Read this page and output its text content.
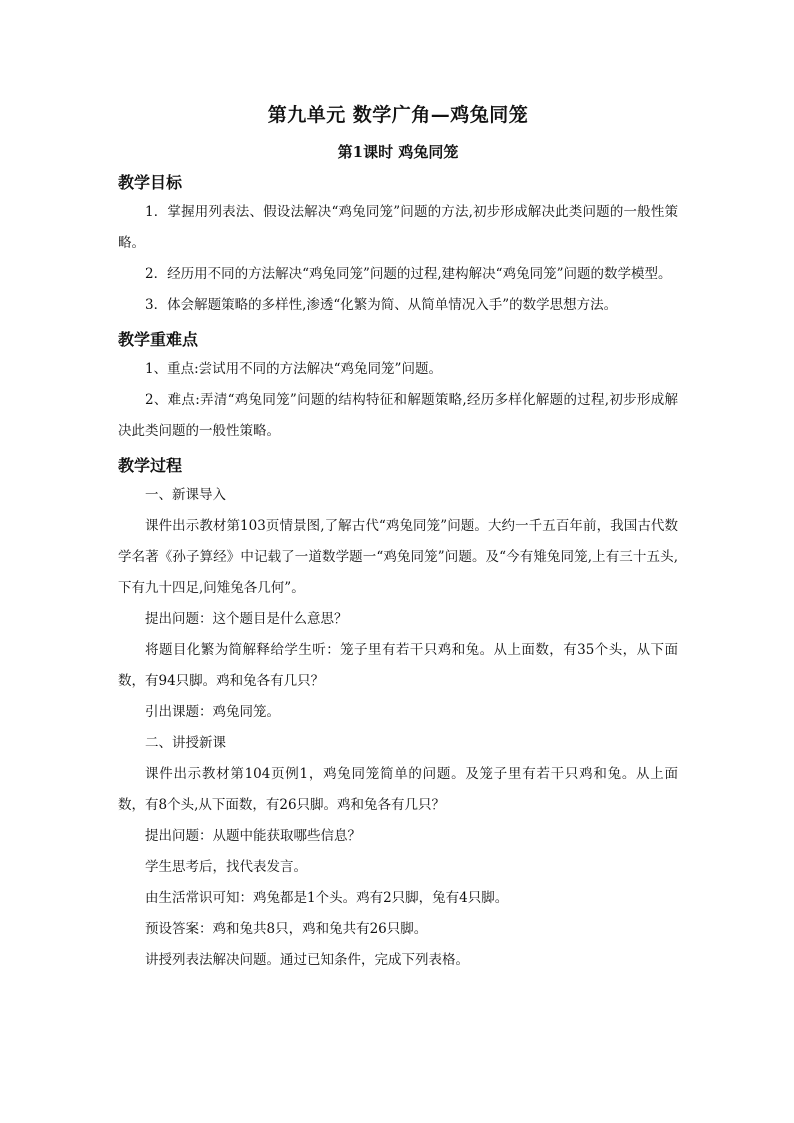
第九单元 数学广角—鸡兔同笼
第1课时 鸡兔同笼
教学目标

1．掌握用列表法、假设法解决“鸡兔同笼”问题的方法,初步形成解决此类问题的一般性策略。

2．经历用不同的方法解决“鸡兔同笼”问题的过程,建构解决“鸡兔同笼”问题的数学模型。

3．体会解题策略的多样性,渗透“化繁为简、从简单情况入手”的数学思想方法。

教学重难点

1、重点:尝试用不同的方法解决“鸡兔同笼”问题。

2、难点:弄清“鸡兔同笼”问题的结构特征和解题策略,经历多样化解题的过程,初步形成解决此类问题的一般性策略。

教学过程

一、新课导入

课件出示教材第103页情景图,了解古代“鸡兔同笼”问题。大约一千五百年前，我国古代数学名著《孙子算经》中记载了一道数学题一“鸡兔同笼”问题。及“今有雉兔同笼,上有三十五头,下有九十四足,问雉兔各几何”。

提出问题：这个题目是什么意思？

将题目化繁为简解释给学生听：笼子里有若干只鸡和兔。从上面数，有35个头，从下面数，有94只脚。鸡和兔各有几只？

引出课题：鸡兔同笼。

二、讲授新课

课件出示教材第104页例1，鸡兔同笼简单的问题。及笼子里有若干只鸡和兔。从上面数，有8个头,从下面数，有26只脚。鸡和兔各有几只？

提出问题：从题中能获取哪些信息？

学生思考后，找代表发言。

由生活常识可知：鸡兔都是1个头。鸡有2只脚，兔有4只脚。

预设答案：鸡和兔共8只，鸡和兔共有26只脚。

讲授列表法解决问题。通过已知条件，完成下列表格。
